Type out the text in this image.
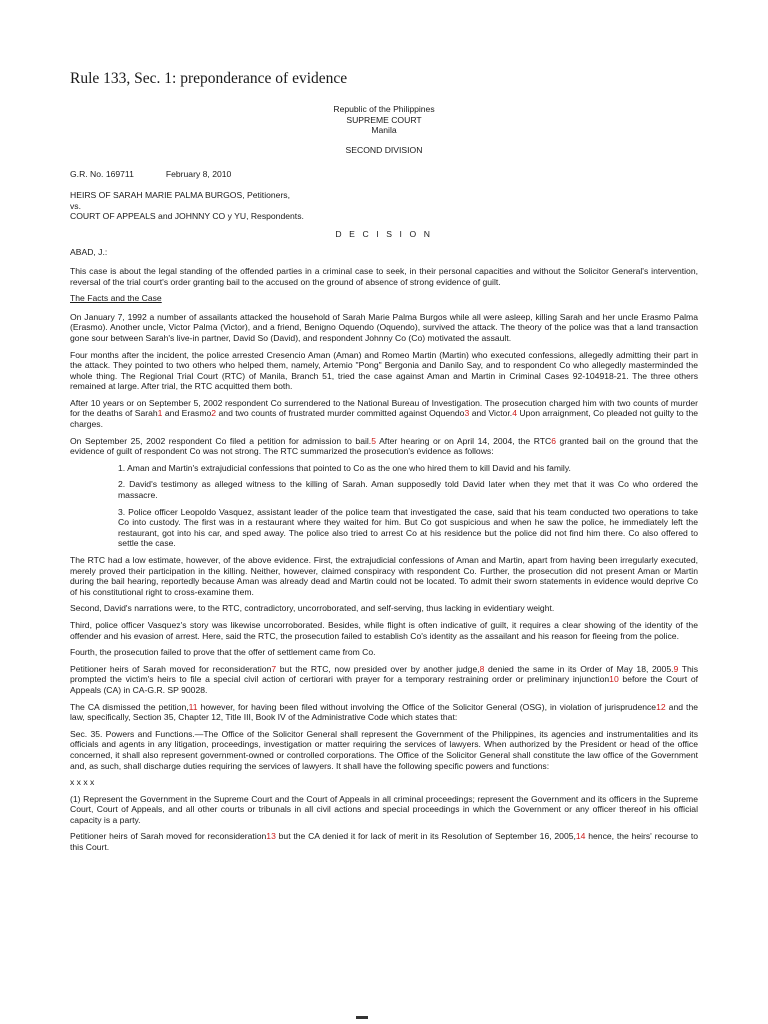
Rule 133, Sec. 1: preponderance of evidence
Republic of the Philippines
SUPREME COURT
Manila
SECOND DIVISION
G.R. No. 169711	February 8, 2010
HEIRS OF SARAH MARIE PALMA BURGOS, Petitioners,
vs.
COURT OF APPEALS and JOHNNY CO y YU, Respondents.
D E C I S I O N
ABAD, J.:

This case is about the legal standing of the offended parties in a criminal case to seek, in their personal capacities and without the Solicitor General's intervention, reversal of the trial court's order granting bail to the accused on the ground of absence of strong evidence of guilt.

The Facts and the Case

On January 7, 1992 a number of assailants attacked the household of Sarah Marie Palma Burgos while all were asleep, killing Sarah and her uncle Erasmo Palma (Erasmo). Another uncle, Victor Palma (Victor), and a friend, Benigno Oquendo (Oquendo), survived the attack. The theory of the police was that a land transaction gone sour between Sarah's live-in partner, David So (David), and respondent Johnny Co (Co) motivated the assault.

Four months after the incident, the police arrested Cresencio Aman (Aman) and Romeo Martin (Martin) who executed confessions, allegedly admitting their part in the attack. They pointed to two others who helped them, namely, Artemio "Pong" Bergonia and Danilo Say, and to respondent Co who allegedly masterminded the whole thing. The Regional Trial Court (RTC) of Manila, Branch 51, tried the case against Aman and Martin in Criminal Cases 92-104918-21. The three others remained at large. After trial, the RTC acquitted them both.

After 10 years or on September 5, 2002 respondent Co surrendered to the National Bureau of Investigation. The prosecution charged him with two counts of murder for the deaths of Sarah1 and Erasmo2 and two counts of frustrated murder committed against Oquendo3 and Victor.4 Upon arraignment, Co pleaded not guilty to the charges.

On September 25, 2002 respondent Co filed a petition for admission to bail.5 After hearing or on April 14, 2004, the RTC6 granted bail on the ground that the evidence of guilt of respondent Co was not strong. The RTC summarized the prosecution's evidence as follows:

1. Aman and Martin's extrajudicial confessions that pointed to Co as the one who hired them to kill David and his family.

2. David's testimony as alleged witness to the killing of Sarah. Aman supposedly told David later when they met that it was Co who ordered the massacre.

3. Police officer Leopoldo Vasquez, assistant leader of the police team that investigated the case, said that his team conducted two operations to take Co into custody. The first was in a restaurant where they waited for him. But Co got suspicious and when he saw the police, he immediately left the restaurant, got into his car, and sped away. The police also tried to arrest Co at his residence but the police did not find him there. Co also offered to settle the case.

The RTC had a low estimate, however, of the above evidence. First, the extrajudicial confessions of Aman and Martin, apart from having been irregularly executed, merely proved their participation in the killing. Neither, however, claimed conspiracy with respondent Co. Further, the prosecution did not present Aman or Martin during the bail hearing, reportedly because Aman was already dead and Martin could not be located. To admit their sworn statements in evidence would deprive Co of his constitutional right to cross-examine them.

Second, David's narrations were, to the RTC, contradictory, uncorroborated, and self-serving, thus lacking in evidentiary weight.

Third, police officer Vasquez's story was likewise uncorroborated. Besides, while flight is often indicative of guilt, it requires a clear showing of the identity of the offender and his evasion of arrest. Here, said the RTC, the prosecution failed to establish Co's identity as the assailant and his reason for fleeing from the police.

Fourth, the prosecution failed to prove that the offer of settlement came from Co.

Petitioner heirs of Sarah moved for reconsideration7 but the RTC, now presided over by another judge,8 denied the same in its Order of May 18, 2005.9 This prompted the victim's heirs to file a special civil action of certiorari with prayer for a temporary restraining order or preliminary injunction10 before the Court of Appeals (CA) in CA-G.R. SP 90028.

The CA dismissed the petition,11 however, for having been filed without involving the Office of the Solicitor General (OSG), in violation of jurisprudence12 and the law, specifically, Section 35, Chapter 12, Title III, Book IV of the Administrative Code which states that:

Sec. 35. Powers and Functions.—The Office of the Solicitor General shall represent the Government of the Philippines, its agencies and instrumentalities and its officials and agents in any litigation, proceedings, investigation or matter requiring the services of lawyers. When authorized by the President or head of the office concerned, it shall also represent government-owned or controlled corporations. The Office of the Solicitor General shall constitute the law office of the Government and, as such, shall discharge duties requiring the services of lawyers. It shall have the following specific powers and functions:

x x x x

(1) Represent the Government in the Supreme Court and the Court of Appeals in all criminal proceedings; represent the Government and its officers in the Supreme Court, Court of Appeals, and all other courts or tribunals in all civil actions and special proceedings in which the Government or any officer thereof in his official capacity is a party.

Petitioner heirs of Sarah moved for reconsideration13 but the CA denied it for lack of merit in its Resolution of September 16, 2005,14 hence, the heirs' recourse to this Court.
